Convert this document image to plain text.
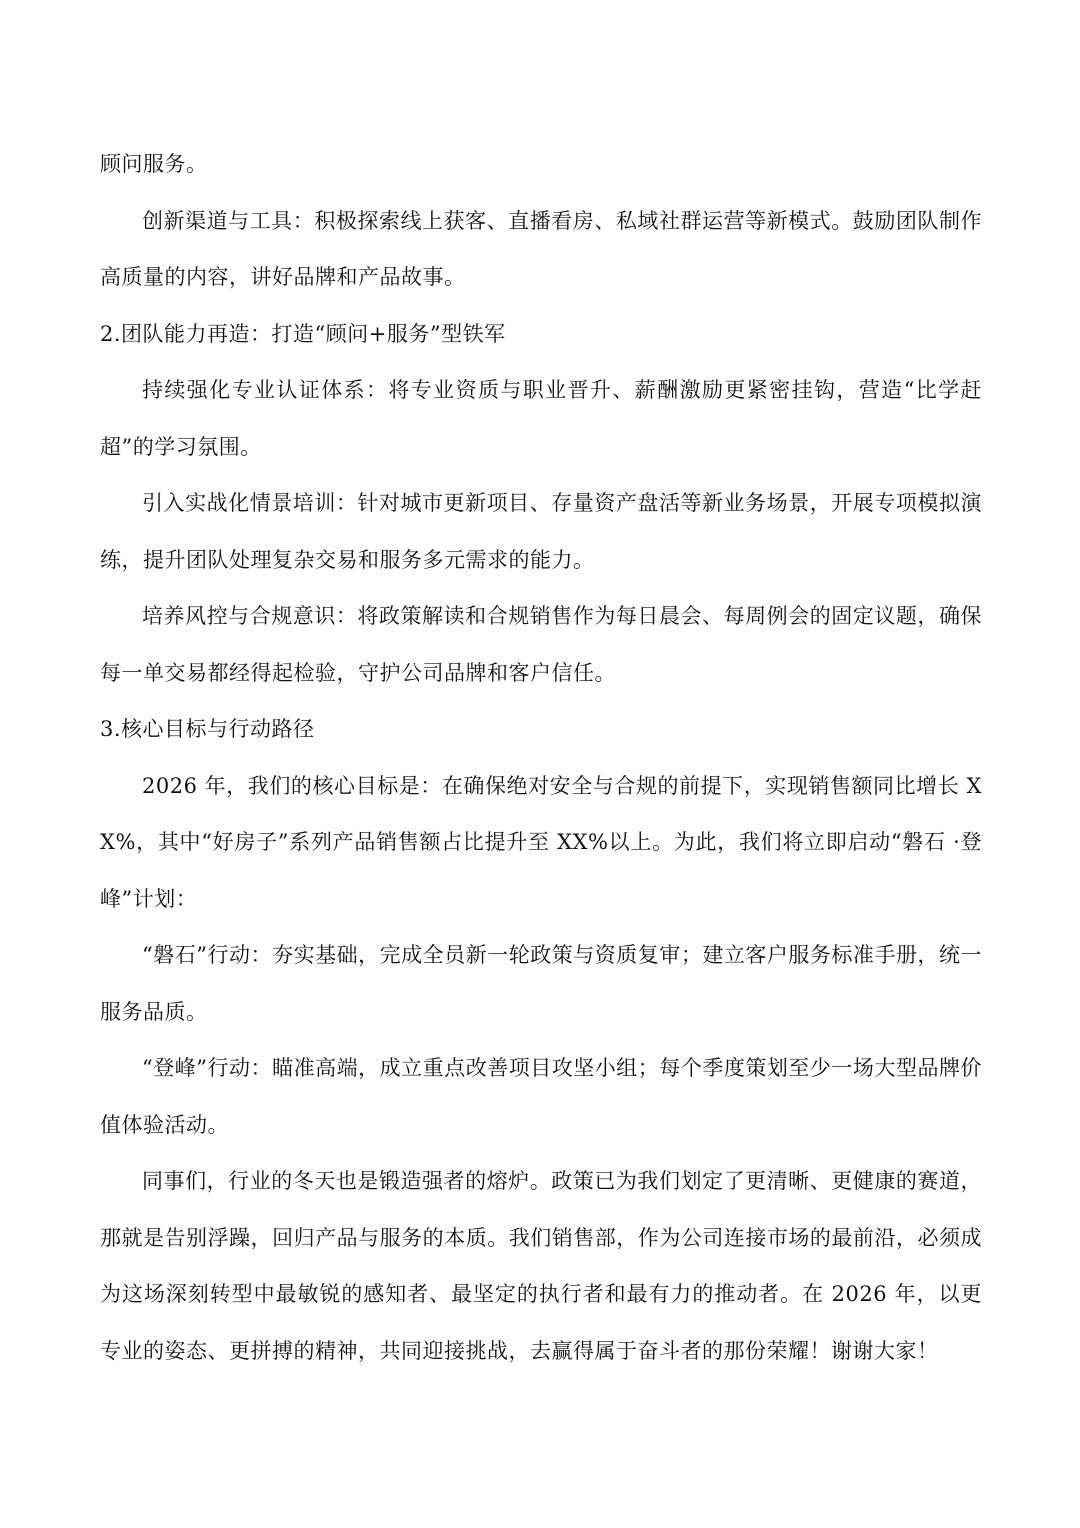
顾问服务。

创新渠道与工具：积极探索线上获客、直播看房、私域社群运营等新模式。鼓励团队制作高质量的内容，讲好品牌和产品故事。

2.团队能力再造：打造“顾问+服务”型铁军

持续强化专业认证体系：将专业资质与职业晋升、薪酬激励更紧密挂钩，营造“比学赶超”的学习氛围。

引入实战化情景培训：针对城市更新项目、存量资产盘活等新业务场景，开展专项模拟演练，提升团队处理复杂交易和服务多元需求的能力。

培养风控与合规意识：将政策解读和合规销售作为每日晨会、每周例会的固定议题，确保每一单交易都经得起检验，守护公司品牌和客户信任。

3.核心目标与行动路径

2026 年，我们的核心目标是：在确保绝对安全与合规的前提下，实现销售额同比增长 XX%，其中“好房子”系列产品销售额占比提升至 XX%以上。为此，我们将立即启动“磐石 ·登峰”计划：

“磐石”行动：夯实基础，完成全员新一轮政策与资质复审；建立客户服务标准手册，统一服务品质。

“登峰”行动：瞄准高端，成立重点改善项目攻坚小组；每个季度策划至少一场大型品牌价值体验活动。

同事们，行业的冬天也是锻造强者的熔炉。政策已为我们划定了更清晰、更健康的赛道，那就是告别浮躁，回归产品与服务的本质。我们销售部，作为公司连接市场的最前沿，必须成为这场深刻转型中最敏锐的感知者、最坚定的执行者和最有力的推动者。在 2026 年，以更专业的姿态、更拼搏的精神，共同迎接挑战，去赢得属于奋斗者的那份荣耀！谢谢大家！
